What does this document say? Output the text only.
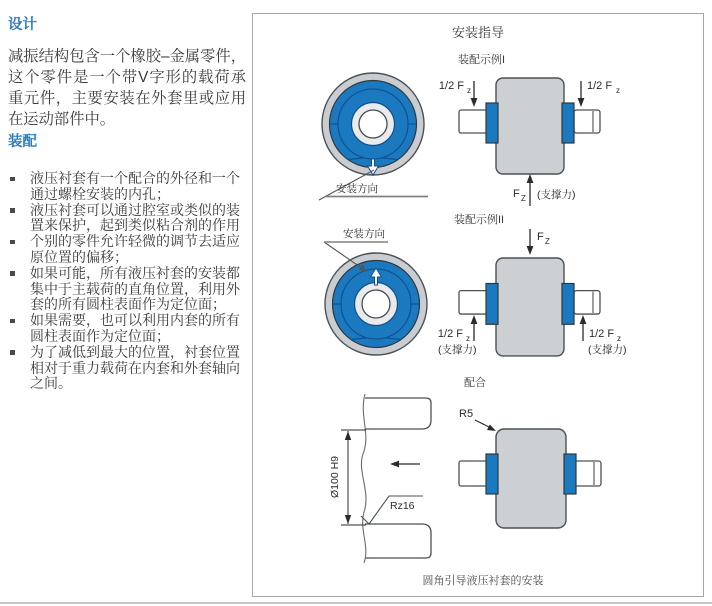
设计
减振结构包含一个橡胶–金属零件，这个零件是一个带V字形的载荷承重元件，主要安装在外套里或应用在运动部件中。
装配
液压衬套有一个配合的外径和一个通过螺栓安装的内孔；
液压衬套可以通过腔室或类似的装置来保护，起到类似粘合剂的作用
个别的零件允许轻微的调节去适应原位置的偏移；
如果可能，所有液压衬套的安装都集中于主载荷的直角位置，利用外套的所有圆柱表面作为定位面；
如果需要，也可以利用内套的所有圆柱表面作为定位面；
为了减低到最大的位置，衬套位置相对于重力载荷在内套和外套轴向之间。
安装指导
装配示例I
安装方向
1/2 F z	1/2 F z
F Z (支撑力)
装配示例II
安装方向	F Z
1/2 F z
(支撑力)
1/2 F z
(支撑力)
配合
Ø100 H9
Rz16
R5
圆角引导液压衬套的安装
